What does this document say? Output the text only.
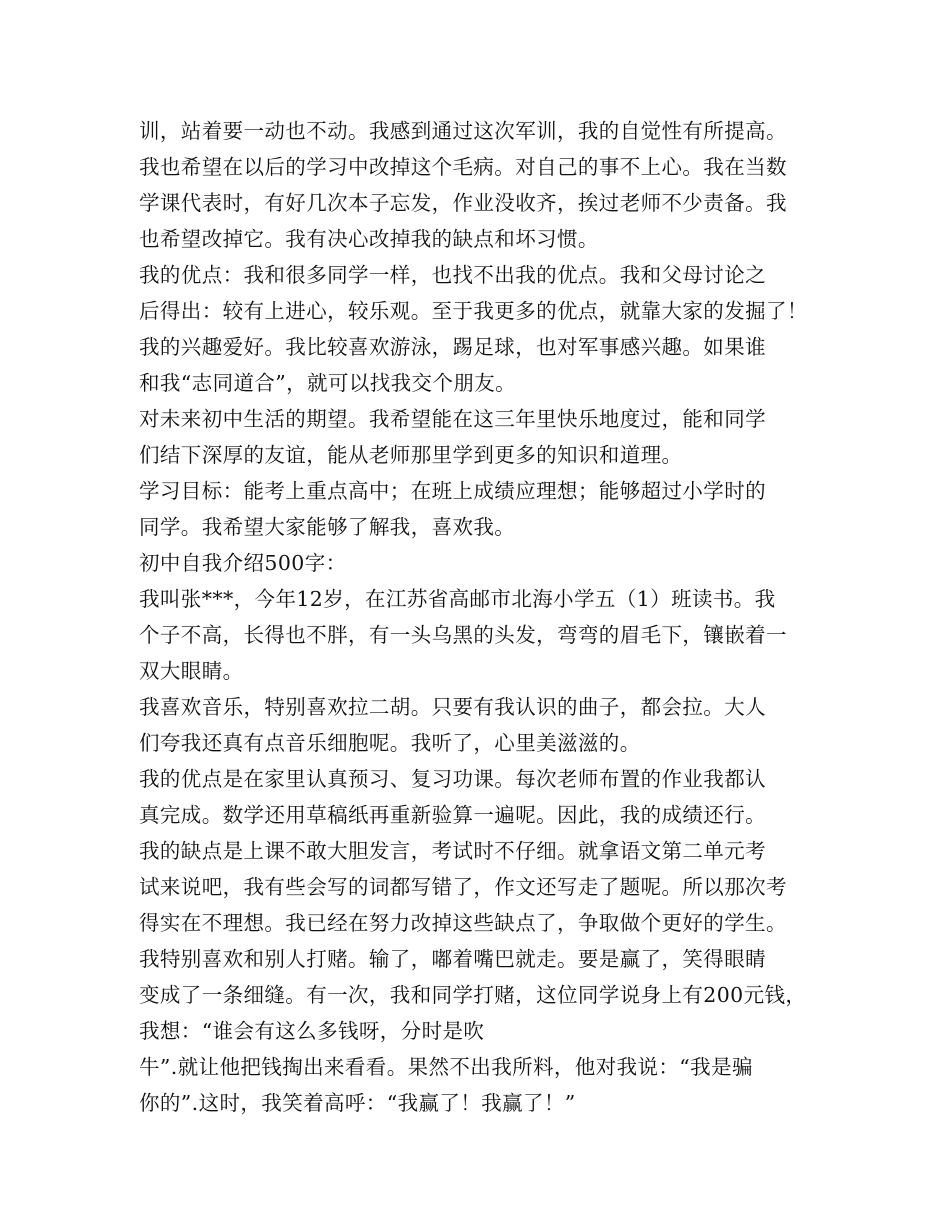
训，站着要一动也不动。我感到通过这次军训，我的自觉性有所提高。
我也希望在以后的学习中改掉这个毛病。对自己的事不上心。我在当数
学课代表时，有好几次本子忘发，作业没收齐，挨过老师不少责备。我
也希望改掉它。我有决心改掉我的缺点和坏习惯。
我的优点：我和很多同学一样，也找不出我的优点。我和父母讨论之
后得出：较有上进心，较乐观。至于我更多的优点，就靠大家的发掘了！
我的兴趣爱好。我比较喜欢游泳，踢足球，也对军事感兴趣。如果谁
和我“志同道合”，就可以找我交个朋友。
对未来初中生活的期望。我希望能在这三年里快乐地度过，能和同学
们结下深厚的友谊，能从老师那里学到更多的知识和道理。
学习目标：能考上重点高中；在班上成绩应理想；能够超过小学时的
同学。我希望大家能够了解我，喜欢我。
初中自我介绍500字：
我叫张***，今年12岁，在江苏省高邮市北海小学五（1）班读书。我
个子不高，长得也不胖，有一头乌黑的头发，弯弯的眉毛下，镶嵌着一
双大眼睛。
我喜欢音乐，特别喜欢拉二胡。只要有我认识的曲子，都会拉。大人
们夸我还真有点音乐细胞呢。我听了，心里美滋滋的。
我的优点是在家里认真预习、复习功课。每次老师布置的作业我都认
真完成。数学还用草稿纸再重新验算一遍呢。因此，我的成绩还行。
我的缺点是上课不敢大胆发言，考试时不仔细。就拿语文第二单元考
试来说吧，我有些会写的词都写错了，作文还写走了题呢。所以那次考
得实在不理想。我已经在努力改掉这些缺点了，争取做个更好的学生。
我特别喜欢和别人打赌。输了，嘟着嘴巴就走。要是赢了，笑得眼睛
变成了一条细缝。有一次，我和同学打赌，这位同学说身上有200元钱，
我想：“谁会有这么多钱呀，分时是吹
牛”.就让他把钱掏出来看看。果然不出我所料，他对我说：“我是骗
你的”.这时，我笑着高呼：“我赢了！我赢了！”
